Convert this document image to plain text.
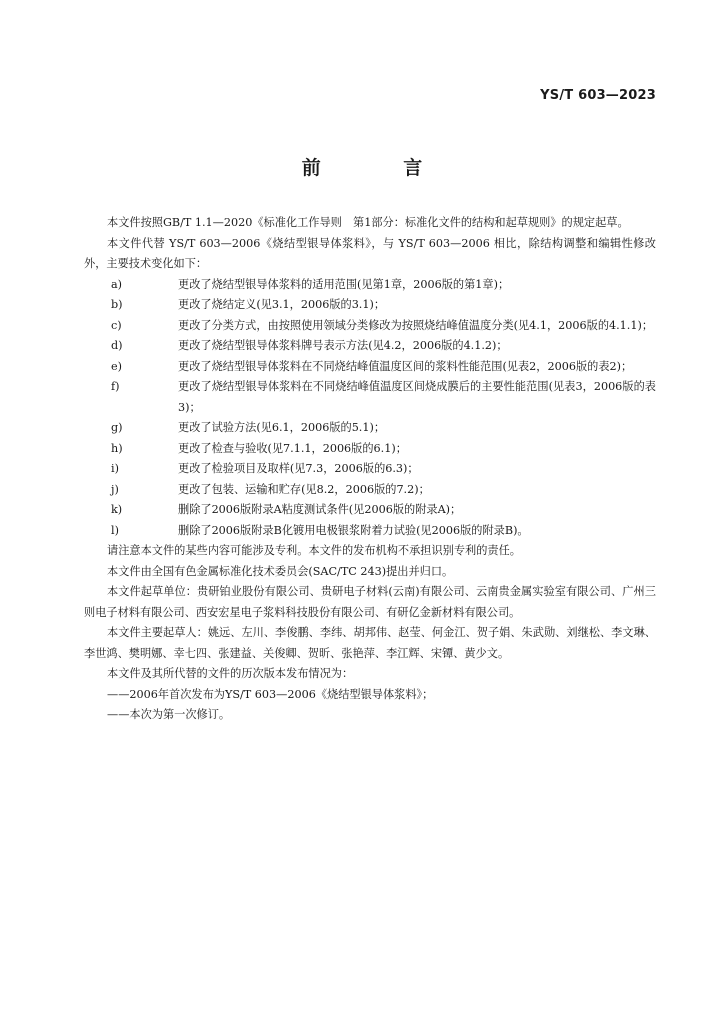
YS/T 603—2023
前 言

本文件按照GB/T 1.1—2020《标准化工作导则　第1部分：标准化文件的结构和起草规则》的规定起草。

本文件代替 YS/T 603—2006《烧结型银导体浆料》，与 YS/T 603—2006 相比，除结构调整和编辑性修改外，主要技术变化如下：

a)	更改了烧结型银导体浆料的适用范围(见第1章，2006版的第1章)；
b)	更改了烧结定义(见3.1，2006版的3.1)；
c)	更改了分类方式，由按照使用领域分类修改为按照烧结峰值温度分类(见4.1，2006版的4.1.1)；
d)	更改了烧结型银导体浆料牌号表示方法(见4.2，2006版的4.1.2)；
e)	更改了烧结型银导体浆料在不同烧结峰值温度区间的浆料性能范围(见表2，2006版的表2)；
f)	更改了烧结型银导体浆料在不同烧结峰值温度区间烧成膜后的主要性能范围(见表3，2006版的表3)；
g)	更改了试验方法(见6.1，2006版的5.1)；
h)	更改了检查与验收(见7.1.1，2006版的6.1)；
i)	更改了检验项目及取样(见7.3，2006版的6.3)；
j)	更改了包装、运输和贮存(见8.2，2006版的7.2)；
k)	删除了2006版附录A粘度测试条件(见2006版的附录A)；
l)	删除了2006版附录B化镀用电极银浆附着力试验(见2006版的附录B)。

请注意本文件的某些内容可能涉及专利。本文件的发布机构不承担识别专利的责任。

本文件由全国有色金属标准化技术委员会(SAC/TC 243)提出并归口。

本文件起草单位：贵研铂业股份有限公司、贵研电子材料(云南)有限公司、云南贵金属实验室有限公司、广州三则电子材料有限公司、西安宏星电子浆料科技股份有限公司、有研亿金新材料有限公司。

本文件主要起草人：姚远、左川、李俊鹏、李纬、胡邦伟、赵莹、何金江、贺子娟、朱武勋、刘继松、李文琳、李世鸿、樊明娜、幸七四、张建益、关俊卿、贺昕、张艳萍、李江辉、宋镡、黄少文。

本文件及其所代替的文件的历次版本发布情况为：

——2006年首次发布为YS/T 603—2006《烧结型银导体浆料》；

——本次为第一次修订。
